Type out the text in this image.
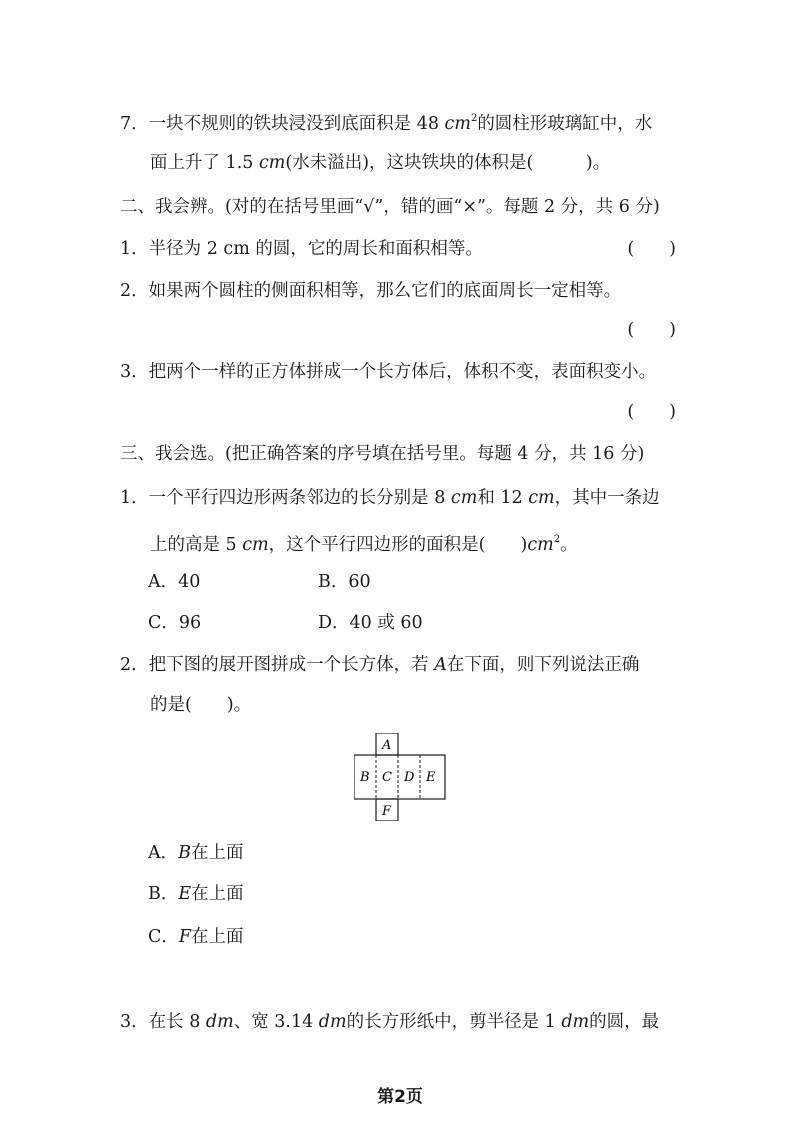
7．一块不规则的铁块浸没到底面积是 48 $cm^2$的圆柱形玻璃缸中，水
面上升了 1.5 cm(水未溢出)，这块铁块的体积是(　　　)。
二、我会辨。(对的在括号里画“√”，错的画“×”。每题 2 分，共 6 分)
1．半径为 2 cm 的圆，它的周长和面积相等。	(　　)
2．如果两个圆柱的侧面积相等，那么它们的底面周长一定相等。
(　　)
3．把两个一样的正方体拼成一个长方体后，体积不变，表面积变小。
(　　)
三、我会选。(把正确答案的序号填在括号里。每题 4 分，共 16 分)
1．一个平行四边形两条邻边的长分别是 8 cm和 12 cm，其中一条边
上的高是 5 cm，这个平行四边形的面积是(　　)$cm^2$。
A．40	B．60
C．96	D．40 或 60
2．把下图的展开图拼成一个长方体，若 A在下面，则下列说法正确
的是(　　)。
A
B C D E
F
A．B在上面
B．E在上面
C．F在上面
3．在长 8 dm、宽 3.14 dm的长方形纸中，剪半径是 1 dm的圆，最
第2页
